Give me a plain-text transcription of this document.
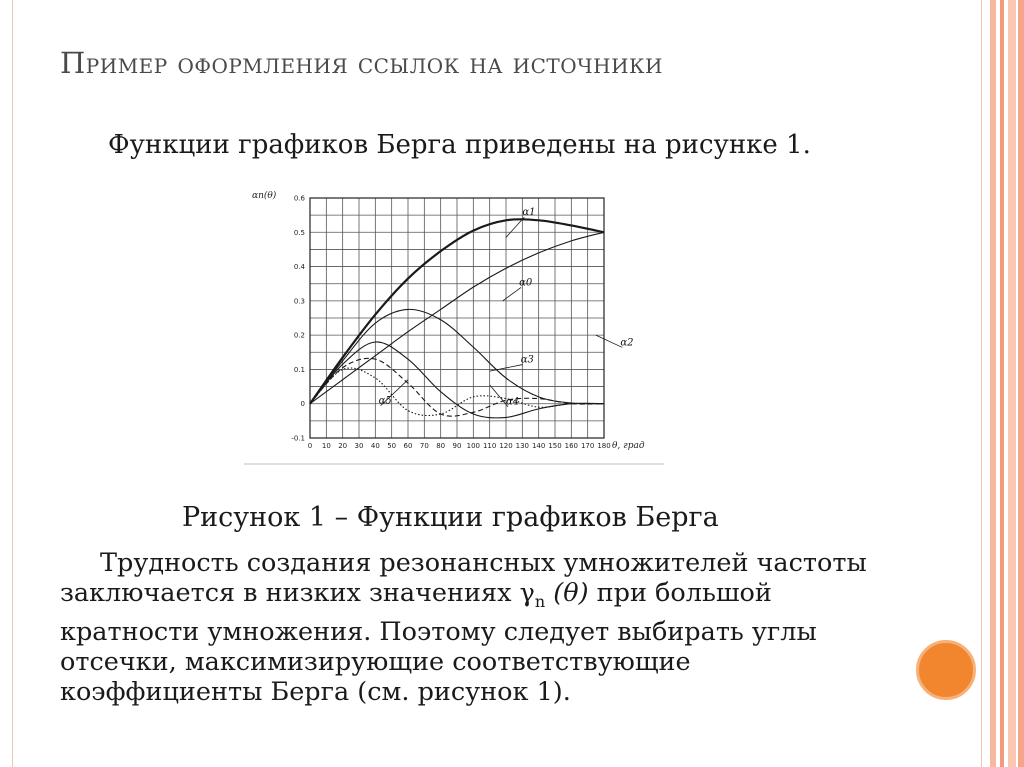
Пример оформления ссылок на источники
Функции графиков Берга приведены на рисунке 1.
0 10 20 30 40 50 60 70 80 90 100 110 120 130 140 150 160 170 180
-0.1
0
0.1
0.2
0.3
0.4
0.5
0.6
αn(θ)
θ, град
α1
α0
α2
α3
α4
α5
Рисунок 1 – Функции графиков Берга
Трудность создания резонансных умножителей частоты заключается в низких значениях $\gamma_n$ (θ) при большой кратности умножения. Поэтому следует выбирать углы отсечки, максимизирующие соответствующие коэффициенты Берга (см. рисунок 1).
